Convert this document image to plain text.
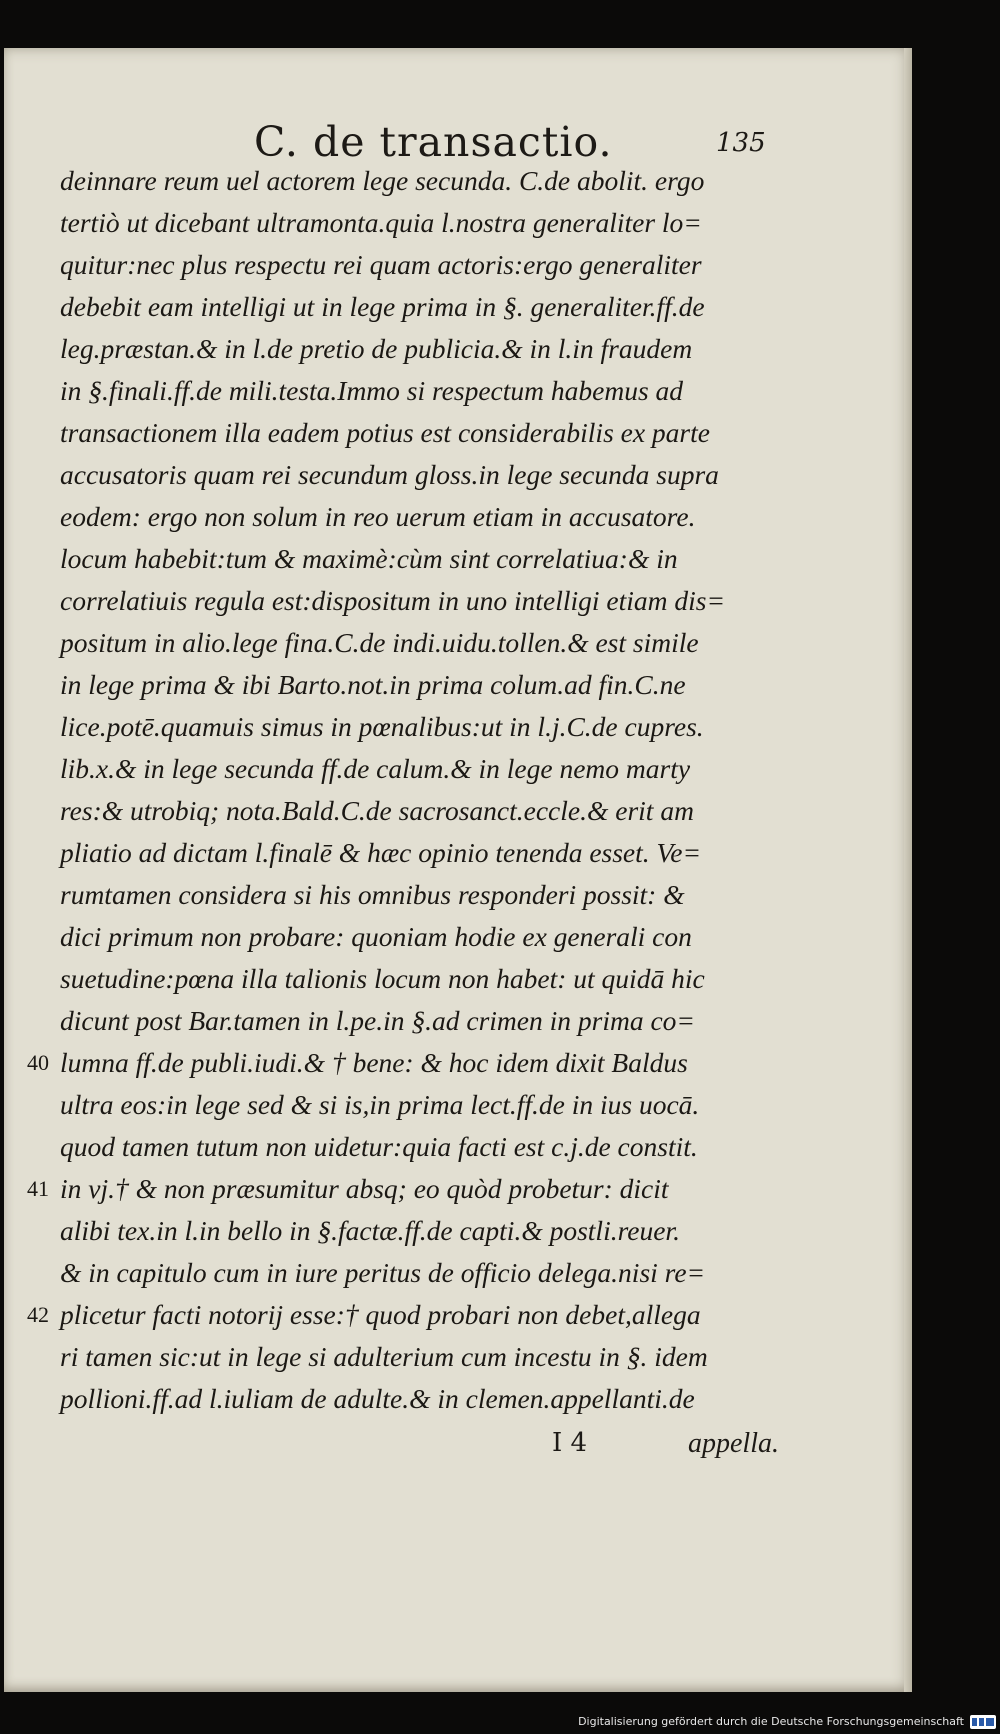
C. de transactio.	135
deinnare reum uel actorem lege secunda. C.de abolit. ergo
tertiò ut dicebant ultramonta.quia l.nostra generaliter lo=
quitur:nec plus respectu rei quam actoris:ergo generaliter
debebit eam intelligi ut in lege prima in §. generaliter.ff.de
leg.præstan.& in l.de pretio de publicia.& in l.in fraudem
in §.finali.ff.de mili.testa.Immo si respectum habemus ad
transactionem illa eadem potius est considerabilis ex parte
accusatoris quam rei secundum gloss.in lege secunda supra
eodem: ergo non solum in reo uerum etiam in accusatore.
locum habebit:tum & maximè:cùm sint correlatiua:& in
correlatiuis regula est:dispositum in uno intelligi etiam dis=
positum in alio.lege fina.C.de indi.uidu.tollen.& est simile
in lege prima & ibi Barto.not.in prima colum.ad fin.C.ne
lice.potē.quamuis simus in pœnalibus:ut in l.j.C.de cupres.
lib.x.& in lege secunda ff.de calum.& in lege nemo marty
res:& utrobiq; nota.Bald.C.de sacrosanct.eccle.& erit am
pliatio ad dictam l.finalē & hæc opinio tenenda esset. Ve=
rumtamen considera si his omnibus responderi possit: &
dici primum non probare: quoniam hodie ex generali con
suetudine:pœna illa talionis locum non habet: ut quidā hic
dicunt post Bar.tamen in l.pe.in §.ad crimen in prima co=
40 lumna ff.de publi.iudi.& † bene: & hoc idem dixit Baldus
ultra eos:in lege sed & si is,in prima lect.ff.de in ius uocā.
quod tamen tutum non uidetur:quia facti est c.j.de constit.
41 in vj.† & non præsumitur absq; eo quòd probetur: dicit
alibi tex.in l.in bello in §.factæ.ff.de capti.& postli.reuer.
& in capitulo cum in iure peritus de officio delega.nisi re=
42 plicetur facti notorij esse:† quod probari non debet,allega
ri tamen sic:ut in lege si adulterium cum incestu in §. idem
pollioni.ff.ad l.iuliam de adulte.& in clemen.appellanti.de
I 4	appella.
Digitalisierung gefördert durch die Deutsche Forschungsgemeinschaft
